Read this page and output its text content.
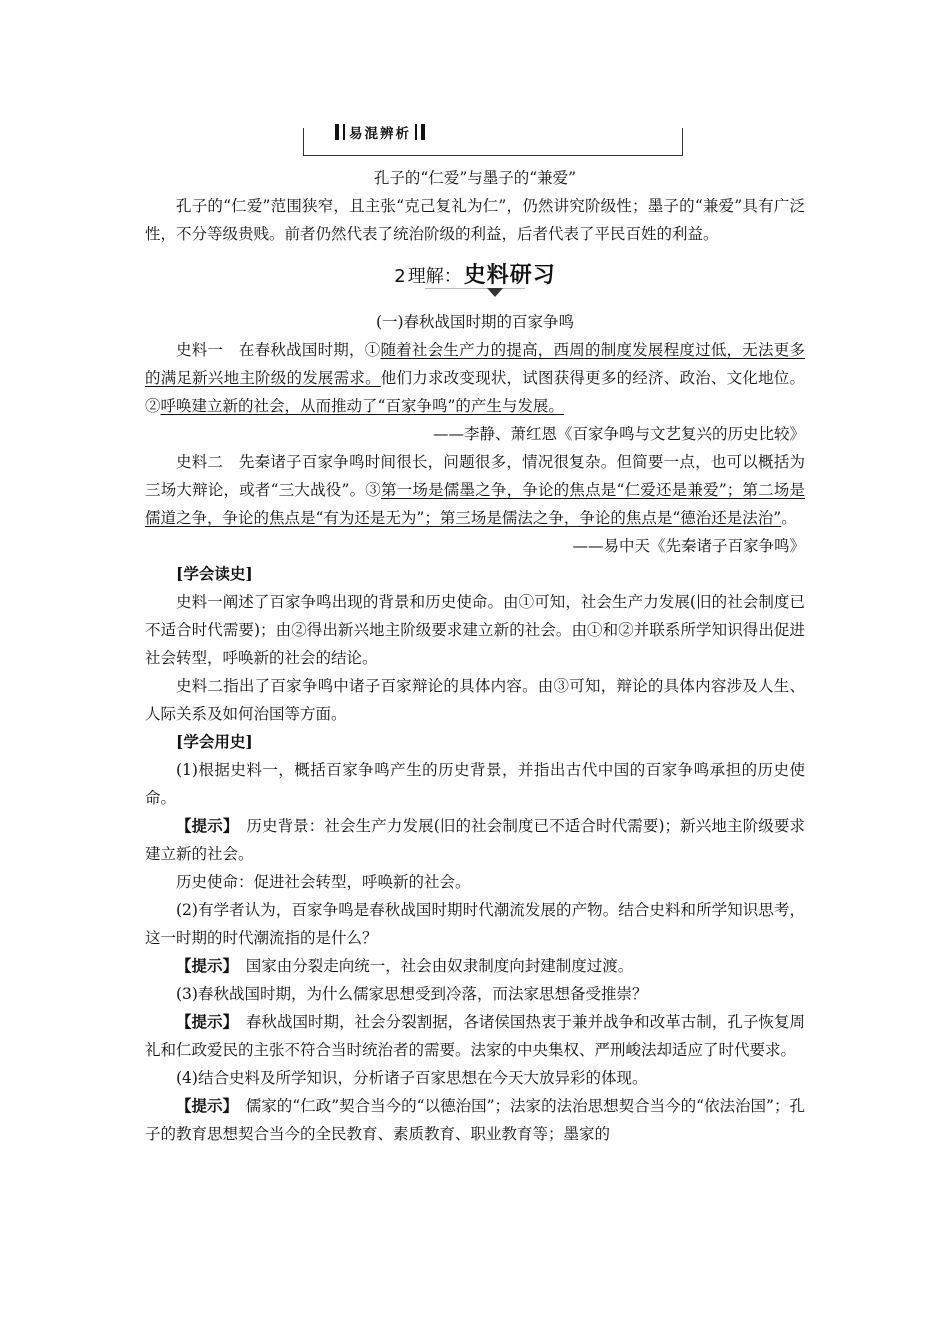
易混辨析

孔子的“仁爱”与墨子的“兼爱”

孔子的“仁爱”范围狭窄，且主张“克己复礼为仁”，仍然讲究阶级性；墨子的“兼爱”具有广泛性，不分等级贵贱。前者仍然代表了统治阶级的利益，后者代表了平民百姓的利益。

2 理解： 史料研习

(一)春秋战国时期的百家争鸣

史料一　在春秋战国时期，①随着社会生产力的提高，西周的制度发展程度过低，无法更多的满足新兴地主阶级的发展需求。他们力求改变现状，试图获得更多的经济、政治、文化地位。②呼唤建立新的社会，从而推动了“百家争鸣”的产生与发展。

——李静、萧红恩《百家争鸣与文艺复兴的历史比较》

史料二　先秦诸子百家争鸣时间很长，问题很多，情况很复杂。但简要一点，也可以概括为三场大辩论，或者“三大战役”。③第一场是儒墨之争，争论的焦点是“仁爱还是兼爱”；第二场是儒道之争，争论的焦点是“有为还是无为”；第三场是儒法之争，争论的焦点是“德治还是法治”。

——易中天《先秦诸子百家争鸣》

[学会读史]

史料一阐述了百家争鸣出现的背景和历史使命。由①可知，社会生产力发展(旧的社会制度已不适合时代需要)；由②得出新兴地主阶级要求建立新的社会。由①和②并联系所学知识得出促进社会转型，呼唤新的社会的结论。

史料二指出了百家争鸣中诸子百家辩论的具体内容。由③可知，辩论的具体内容涉及人生、人际关系及如何治国等方面。

[学会用史]

(1)根据史料一，概括百家争鸣产生的历史背景，并指出古代中国的百家争鸣承担的历史使命。

【提示】　历史背景：社会生产力发展(旧的社会制度已不适合时代需要)；新兴地主阶级要求建立新的社会。

历史使命：促进社会转型，呼唤新的社会。

(2)有学者认为，百家争鸣是春秋战国时期时代潮流发展的产物。结合史料和所学知识思考，这一时期的时代潮流指的是什么？

【提示】　国家由分裂走向统一，社会由奴隶制度向封建制度过渡。

(3)春秋战国时期，为什么儒家思想受到冷落，而法家思想备受推崇？

【提示】　春秋战国时期，社会分裂割据，各诸侯国热衷于兼并战争和改革古制，孔子恢复周礼和仁政爱民的主张不符合当时统治者的需要。法家的中央集权、严刑峻法却适应了时代要求。

(4)结合史料及所学知识，分析诸子百家思想在今天大放异彩的体现。

【提示】　儒家的“仁政”契合当今的“以德治国”；法家的法治思想契合当今的“依法治国”；孔子的教育思想契合当今的全民教育、素质教育、职业教育等；墨家的
